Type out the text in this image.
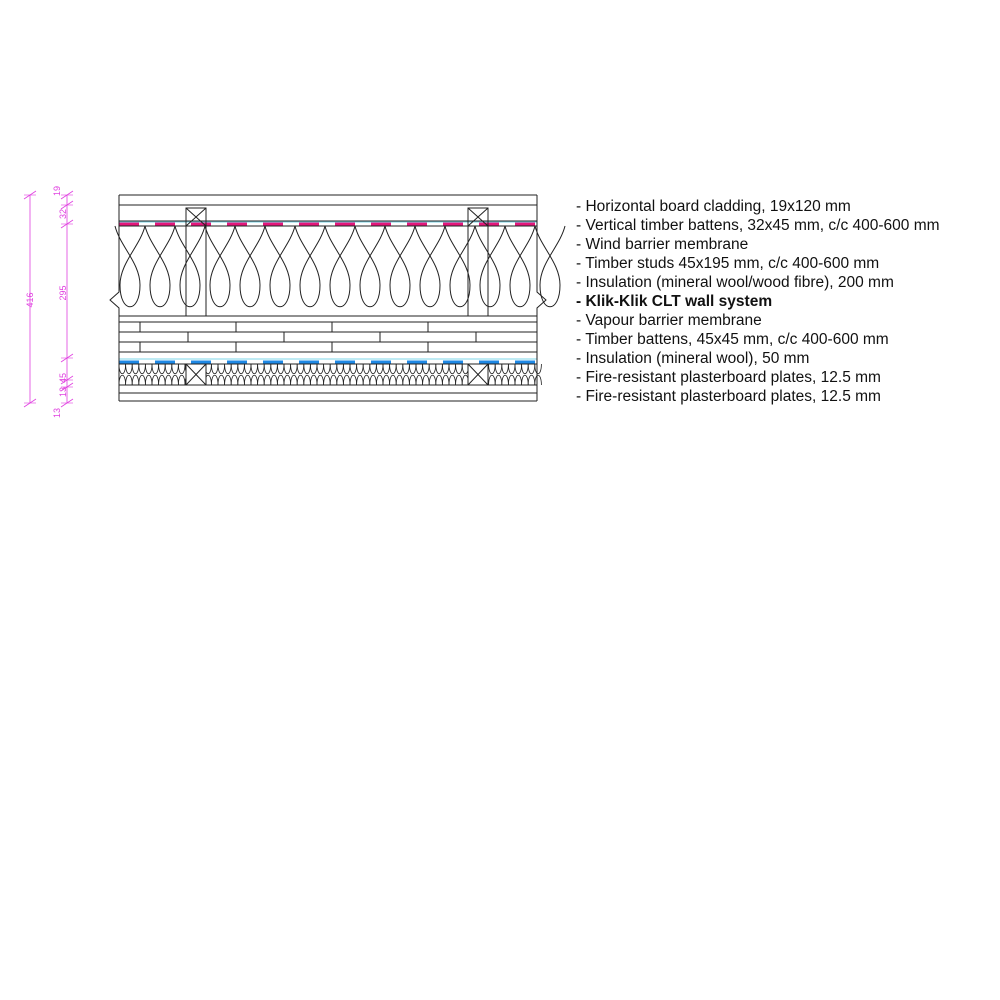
416
19
32
295
45
13
13
- Horizontal board cladding, 19x120 mm
- Vertical timber battens, 32x45 mm, c/c 400-600 mm
- Wind barrier membrane
- Timber studs 45x195 mm, c/c 400-600 mm
- Insulation (mineral wool/wood fibre), 200 mm
- Klik-Klik CLT wall system
- Vapour barrier membrane
- Timber battens, 45x45 mm, c/c 400-600 mm
- Insulation (mineral wool), 50 mm
- Fire-resistant plasterboard plates, 12.5 mm
- Fire-resistant plasterboard plates, 12.5 mm
